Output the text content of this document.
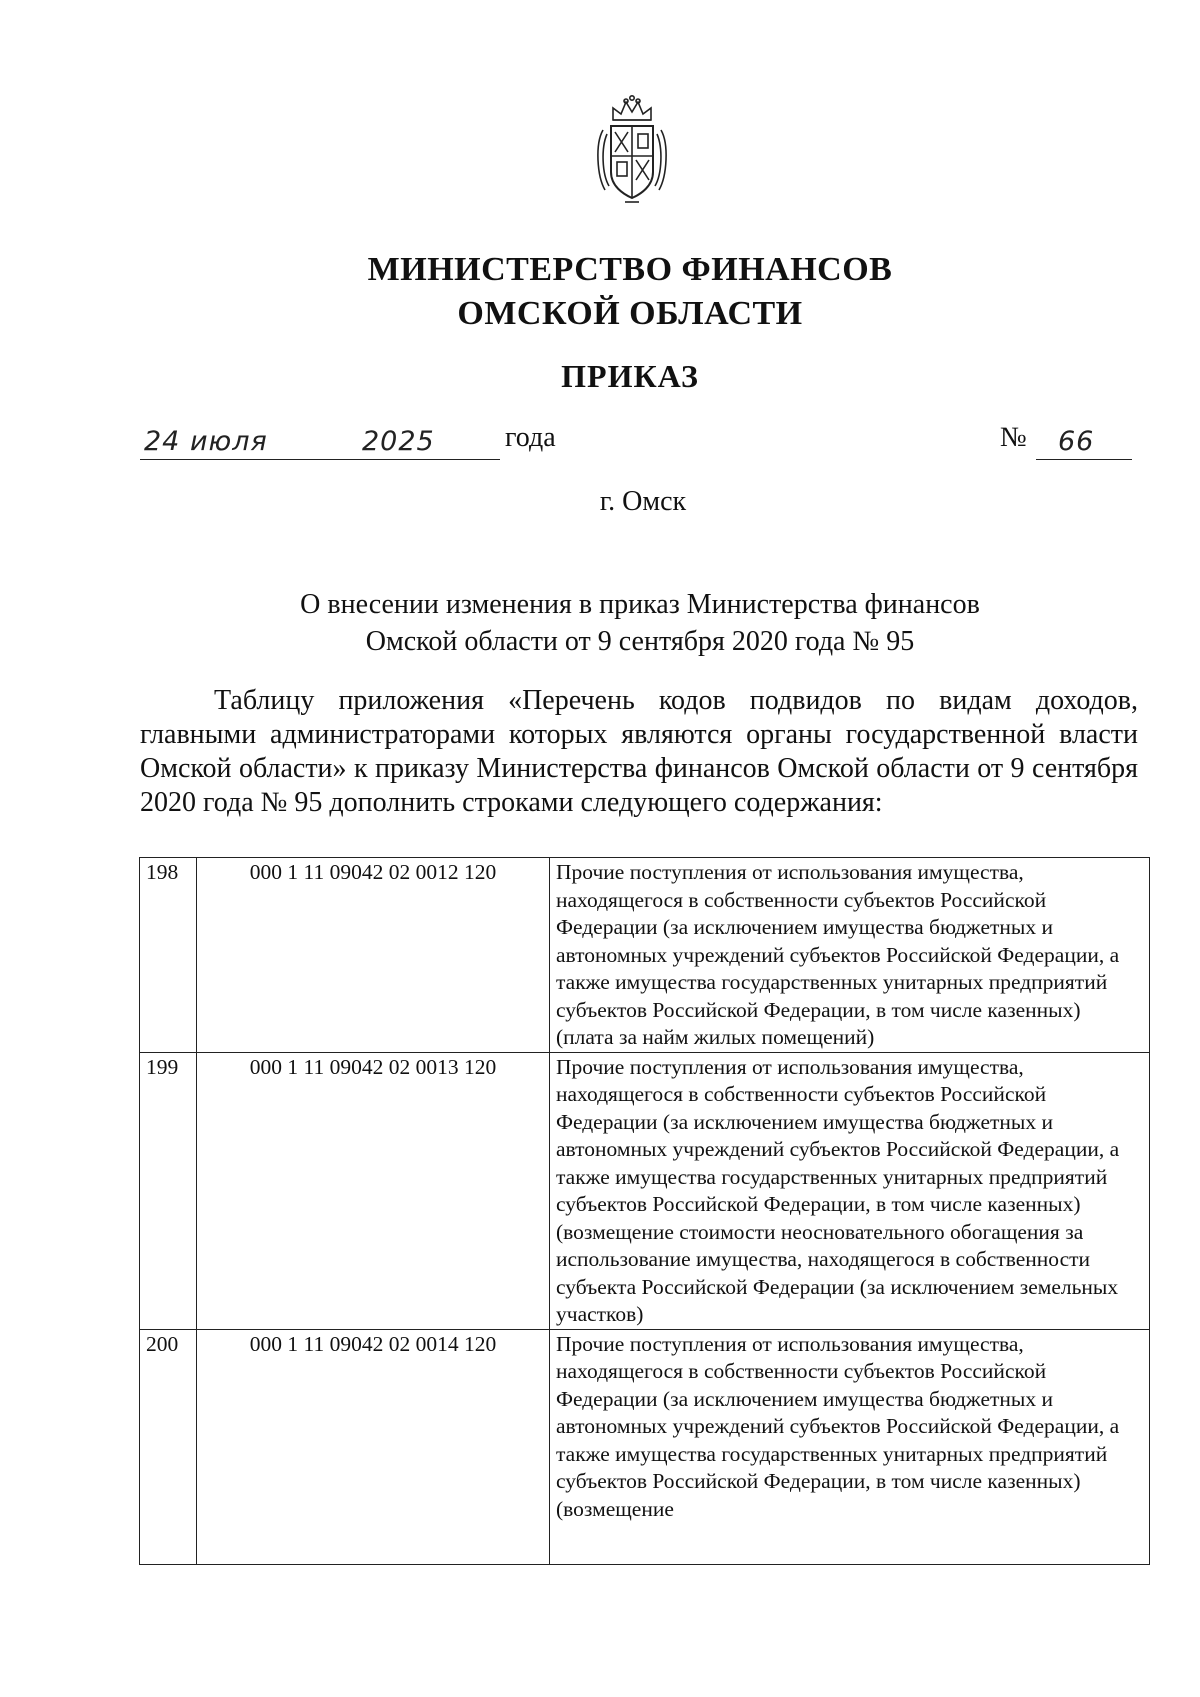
МИНИСТЕРСТВО ФИНАНСОВ
ОМСКОЙ ОБЛАСТИ
ПРИКАЗ
24 июля	2025	года	№ 66
г. Омск
О внесении изменения в приказ Министерства финансов
Омской области от 9 сентября 2020 года № 95
Таблицу приложения «Перечень кодов подвидов по видам доходов, главными администраторами которых являются органы государственной власти Омской области» к приказу Министерства финансов Омской области от 9 сентября 2020 года № 95 дополнить строками следующего содержания:
198	000 1 11 09042 02 0012 120	Прочие поступления от использования имущества, находящегося в собственности субъектов Российской Федерации (за исключением имущества бюджетных и автономных учреждений субъектов Российской Федерации, а также имущества государственных унитарных предприятий субъектов Российской Федерации, в том числе казенных) (плата за найм жилых помещений)
199	000 1 11 09042 02 0013 120	Прочие поступления от использования имущества, находящегося в собственности субъектов Российской Федерации (за исключением имущества бюджетных и автономных учреждений субъектов Российской Федерации, а также имущества государственных унитарных предприятий субъектов Российской Федерации, в том числе казенных) (возмещение стоимости неосновательного обогащения за использование имущества, находящегося в собственности субъекта Российской Федерации (за исключением земельных участков)
200	000 1 11 09042 02 0014 120	Прочие поступления от использования имущества, находящегося в собственности субъектов Российской Федерации (за исключением имущества бюджетных и автономных учреждений субъектов Российской Федерации, а также имущества государственных унитарных предприятий субъектов Российской Федерации, в том числе казенных) (возмещение
